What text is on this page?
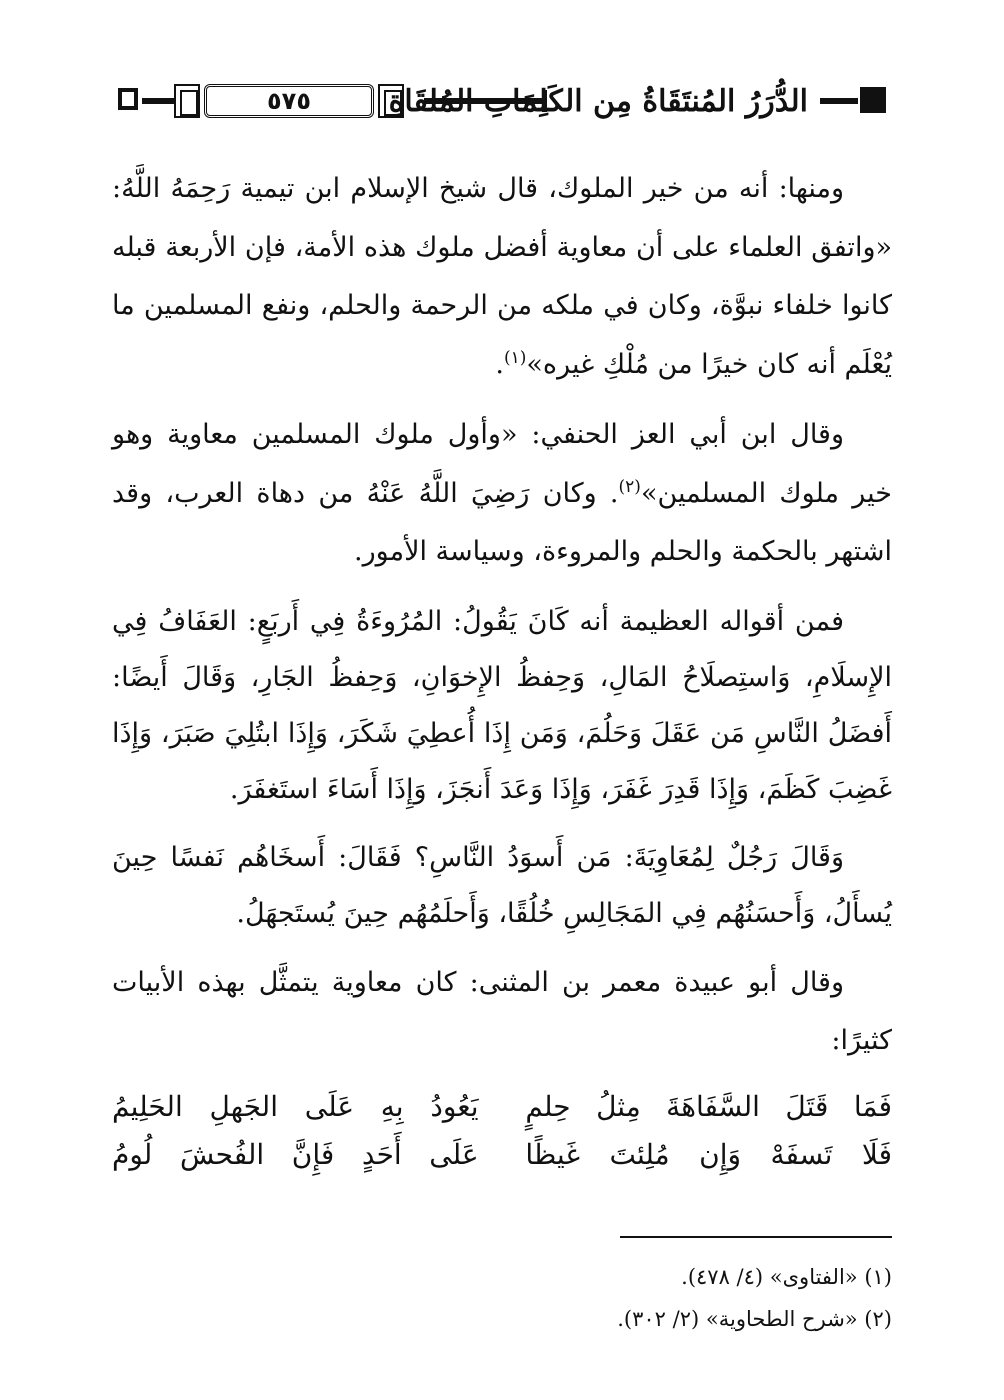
٥٧٥	الدُّرَرُ المُنتَقَاةُ مِن الكَلِمَاتِ المُلقَاةِ

ومنها: أنه من خير الملوك، قال شيخ الإسلام ابن تيمية رَحِمَهُ اللَّهُ: «واتفق العلماء على أن معاوية أفضل ملوك هذه الأمة، فإن الأربعة قبله كانوا خلفاء نبوَّة، وكان في ملكه من الرحمة والحلم، ونفع المسلمين ما يُعْلَم أنه كان خيرًا من مُلْكِ غيره»$^{(١)}$.

وقال ابن أبي العز الحنفي: «وأول ملوك المسلمين معاوية وهو خير ملوك المسلمين»$^{(٢)}$. وكان رَضِيَ اللَّهُ عَنْهُ من دهاة العرب، وقد اشتهر بالحكمة والحلم والمروءة، وسياسة الأمور.

فمن أقواله العظيمة أنه كَانَ يَقُولُ: المُرُوءَةُ فِي أَربَعٍ: العَفَافُ فِي الإِسلَامِ، وَاستِصلَاحُ المَالِ، وَحِفظُ الإِخوَانِ، وَحِفظُ الجَارِ، وَقَالَ أَيضًا: أَفضَلُ النَّاسِ مَن عَقَلَ وَحَلُمَ، وَمَن إِذَا أُعطِيَ شَكَرَ، وَإِذَا ابتُلِيَ صَبَرَ، وَإِذَا غَضِبَ كَظَمَ، وَإِذَا قَدِرَ غَفَرَ، وَإِذَا وَعَدَ أَنجَزَ، وَإِذَا أَسَاءَ استَغفَرَ.

وَقَالَ رَجُلٌ لِمُعَاوِيَةَ: مَن أَسوَدُ النَّاسِ؟ فَقَالَ: أَسخَاهُم نَفسًا حِينَ يُسأَلُ، وَأَحسَنُهُم فِي المَجَالِسِ خُلُقًا، وَأَحلَمُهُم حِينَ يُستَجهَلُ.

وقال أبو عبيدة معمر بن المثنى: كان معاوية يتمثَّل بهذه الأبيات كثيرًا:

فَمَا قَتَلَ السَّفَاهَةَ مِثلُ حِلمٍ
يَعُودُ بِهِ عَلَى الجَهلِ الحَلِيمُ
فَلَا تَسفَهْ وَإِن مُلِئتَ غَيظًا
عَلَى أَحَدٍ فَإِنَّ الفُحشَ لُومُ

(١) «الفتاوى» (٤/ ٤٧٨).

(٢) «شرح الطحاوية» (٢/ ٣٠٢).
